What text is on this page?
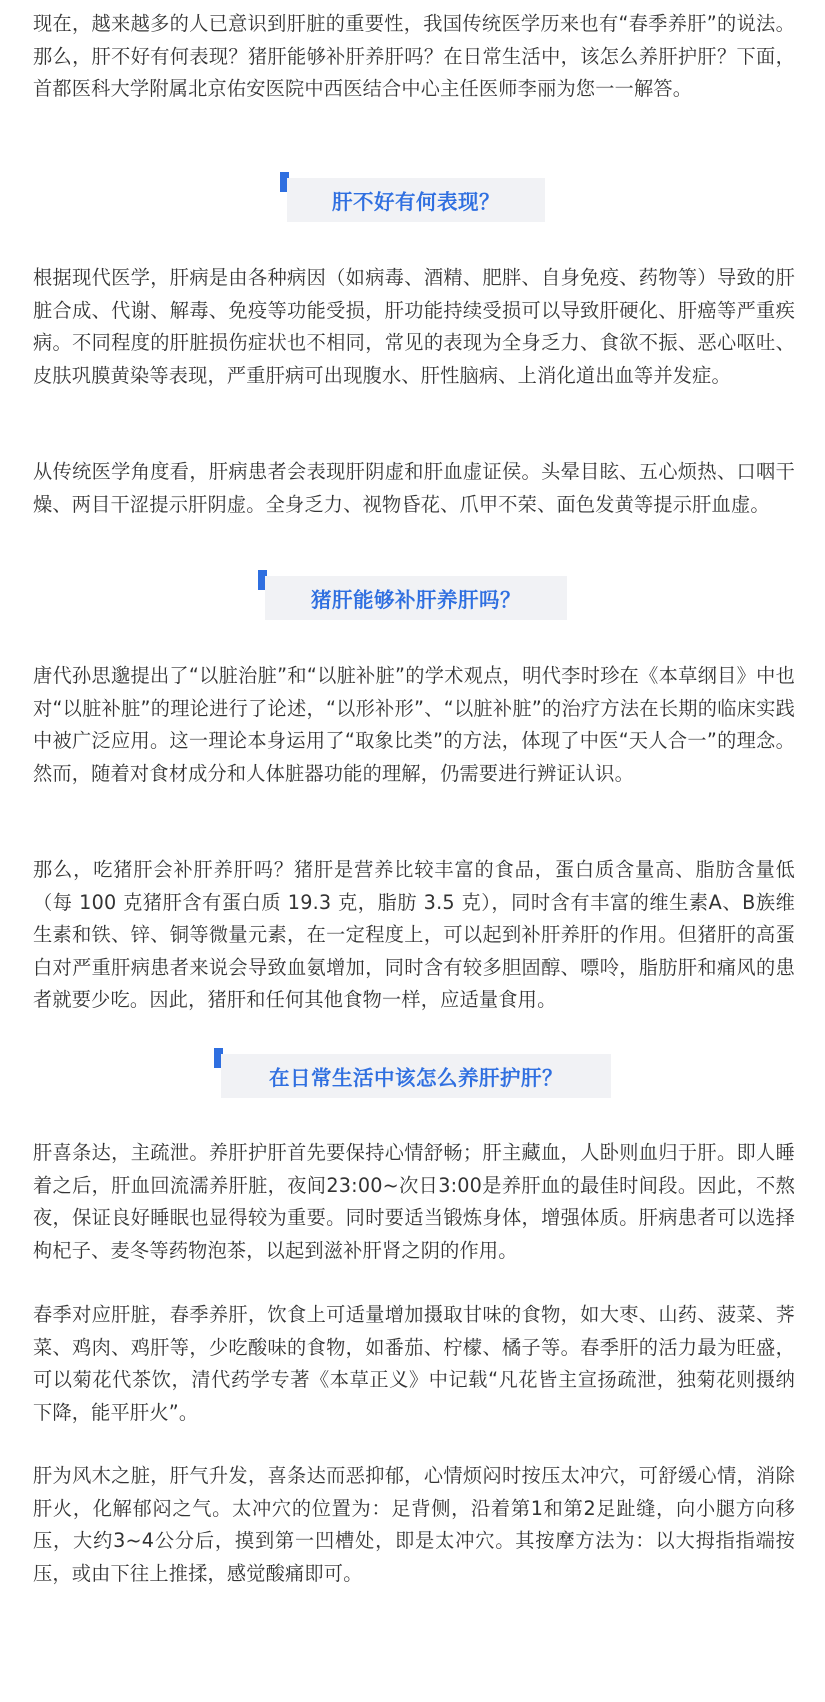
现在，越来越多的人已意识到肝脏的重要性，我国传统医学历来也有“春季养肝”的说法。那么，肝不好有何表现？猪肝能够补肝养肝吗？在日常生活中，该怎么养肝护肝？下面，首都医科大学附属北京佑安医院中西医结合中心主任医师李丽为您一一解答。

肝不好有何表现？

根据现代医学，肝病是由各种病因（如病毒、酒精、肥胖、自身免疫、药物等）导致的肝脏合成、代谢、解毒、免疫等功能受损，肝功能持续受损可以导致肝硬化、肝癌等严重疾病。不同程度的肝脏损伤症状也不相同，常见的表现为全身乏力、食欲不振、恶心呕吐、皮肤巩膜黄染等表现，严重肝病可出现腹水、肝性脑病、上消化道出血等并发症。

从传统医学角度看，肝病患者会表现肝阴虚和肝血虚证侯。头晕目眩、五心烦热、口咽干燥、两目干涩提示肝阴虚。全身乏力、视物昏花、爪甲不荣、面色发黄等提示肝血虚。

猪肝能够补肝养肝吗？

唐代孙思邈提出了“以脏治脏”和“以脏补脏”的学术观点，明代李时珍在《本草纲目》中也对“以脏补脏”的理论进行了论述，“以形补形”、“以脏补脏”的治疗方法在长期的临床实践中被广泛应用。这一理论本身运用了“取象比类”的方法，体现了中医“天人合一”的理念。然而，随着对食材成分和人体脏器功能的理解，仍需要进行辨证认识。

那么，吃猪肝会补肝养肝吗？猪肝是营养比较丰富的食品，蛋白质含量高、脂肪含量低（每 100 克猪肝含有蛋白质 19.3 克，脂肪 3.5 克），同时含有丰富的维生素A、B族维生素和铁、锌、铜等微量元素，在一定程度上，可以起到补肝养肝的作用。但猪肝的高蛋白对严重肝病患者来说会导致血氨增加，同时含有较多胆固醇、嘌呤，脂肪肝和痛风的患者就要少吃。因此，猪肝和任何其他食物一样，应适量食用。

在日常生活中该怎么养肝护肝？

肝喜条达，主疏泄。养肝护肝首先要保持心情舒畅；肝主藏血，人卧则血归于肝。即人睡着之后，肝血回流濡养肝脏，夜间23:00~次日3:00是养肝血的最佳时间段。因此，不熬夜，保证良好睡眠也显得较为重要。同时要适当锻炼身体，增强体质。肝病患者可以选择枸杞子、麦冬等药物泡茶，以起到滋补肝肾之阴的作用。

春季对应肝脏，春季养肝，饮食上可适量增加摄取甘味的食物，如大枣、山药、菠菜、荠菜、鸡肉、鸡肝等，少吃酸味的食物，如番茄、柠檬、橘子等。春季肝的活力最为旺盛，可以菊花代茶饮，清代药学专著《本草正义》中记载“凡花皆主宣扬疏泄，独菊花则摄纳下降，能平肝火”。

肝为风木之脏，肝气升发，喜条达而恶抑郁，心情烦闷时按压太冲穴，可舒缓心情，消除肝火，化解郁闷之气。太冲穴的位置为：足背侧，沿着第1和第2足趾缝，向小腿方向移压，大约3~4公分后，摸到第一凹槽处，即是太冲穴。其按摩方法为：以大拇指指端按压，或由下往上推揉，感觉酸痛即可。
